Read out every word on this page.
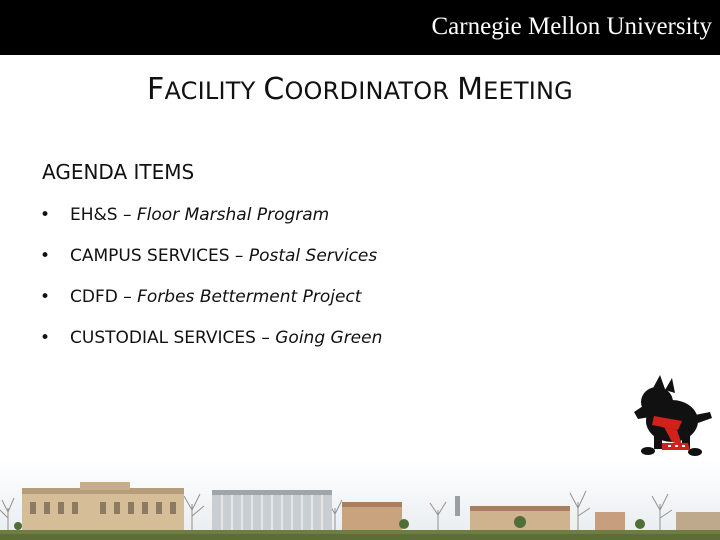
Carnegie Mellon University
FACILITY COORDINATOR MEETING
AGENDA ITEMS
• EH&S – Floor Marshal Program
• CAMPUS SERVICES – Postal Services
• CDFD – Forbes Betterment Project
• CUSTODIAL SERVICES – Going Green
